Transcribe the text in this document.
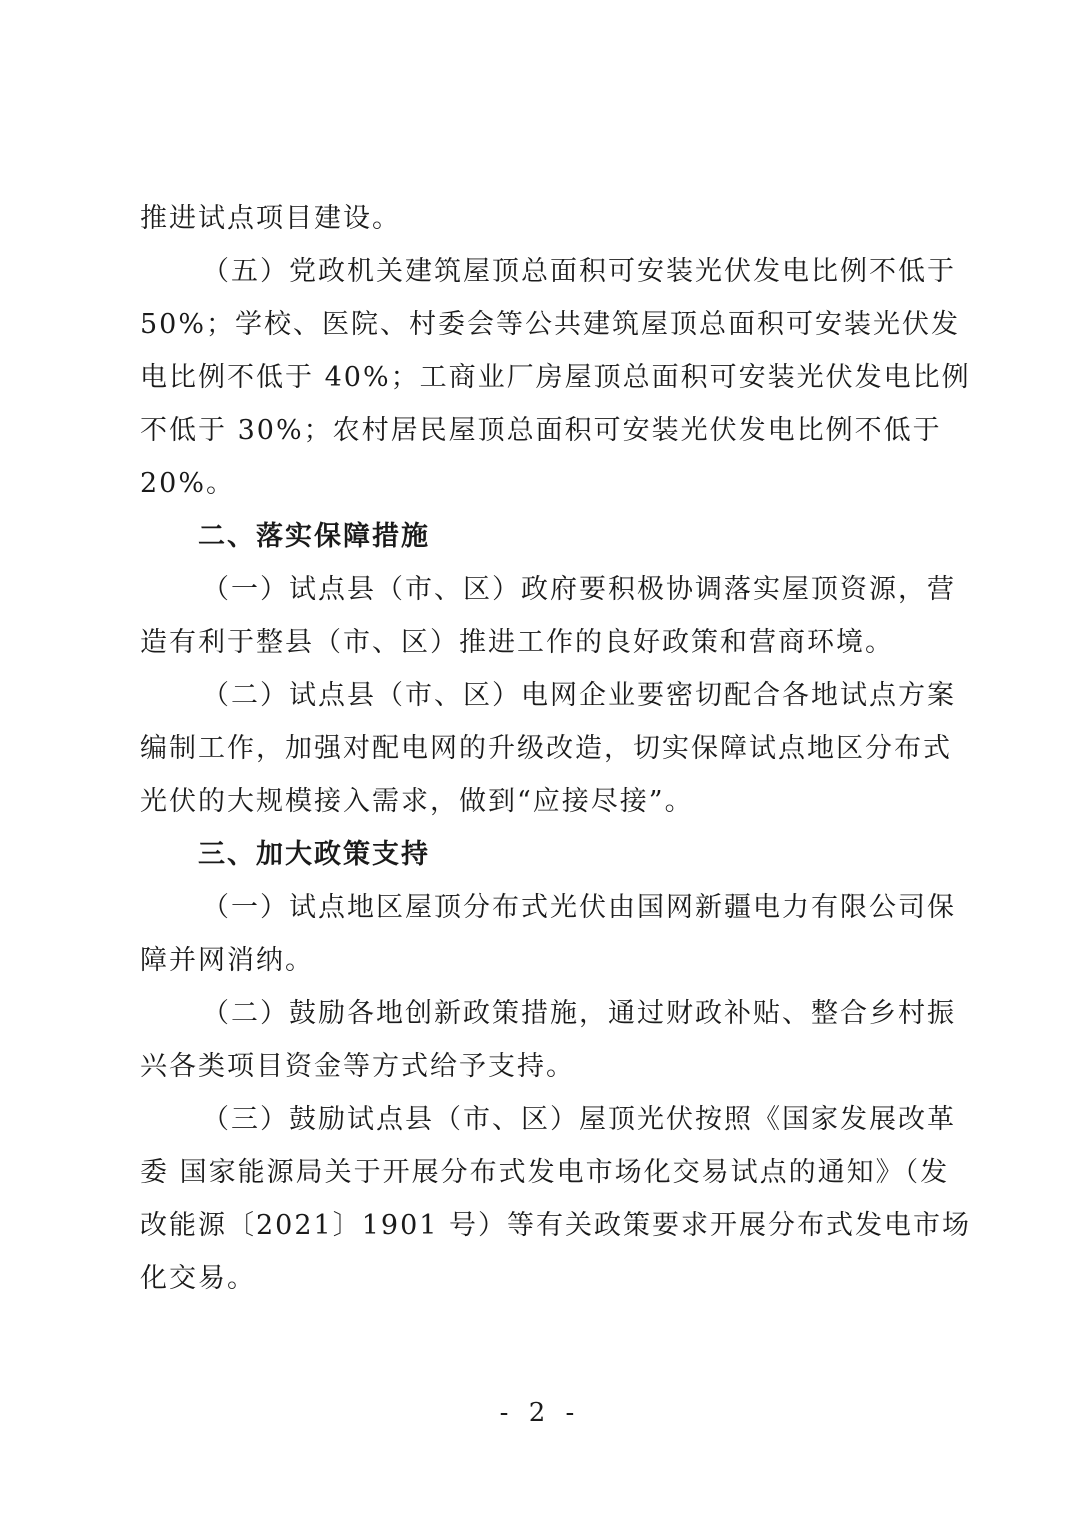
推进试点项目建设。
（五）党政机关建筑屋顶总面积可安装光伏发电比例不低于
50%；学校、医院、村委会等公共建筑屋顶总面积可安装光伏发
电比例不低于 40%；工商业厂房屋顶总面积可安装光伏发电比例
不低于 30%；农村居民屋顶总面积可安装光伏发电比例不低于
20%。
二、落实保障措施
（一）试点县（市、区）政府要积极协调落实屋顶资源，营
造有利于整县（市、区）推进工作的良好政策和营商环境。
（二）试点县（市、区）电网企业要密切配合各地试点方案
编制工作，加强对配电网的升级改造，切实保障试点地区分布式
光伏的大规模接入需求，做到“应接尽接”。
三、加大政策支持
（一）试点地区屋顶分布式光伏由国网新疆电力有限公司保
障并网消纳。
（二）鼓励各地创新政策措施，通过财政补贴、整合乡村振
兴各类项目资金等方式给予支持。
（三）鼓励试点县（市、区）屋顶光伏按照《国家发展改革
委 国家能源局关于开展分布式发电市场化交易试点的通知》（发
改能源〔2021〕1901 号）等有关政策要求开展分布式发电市场
化交易。
- 2 -
